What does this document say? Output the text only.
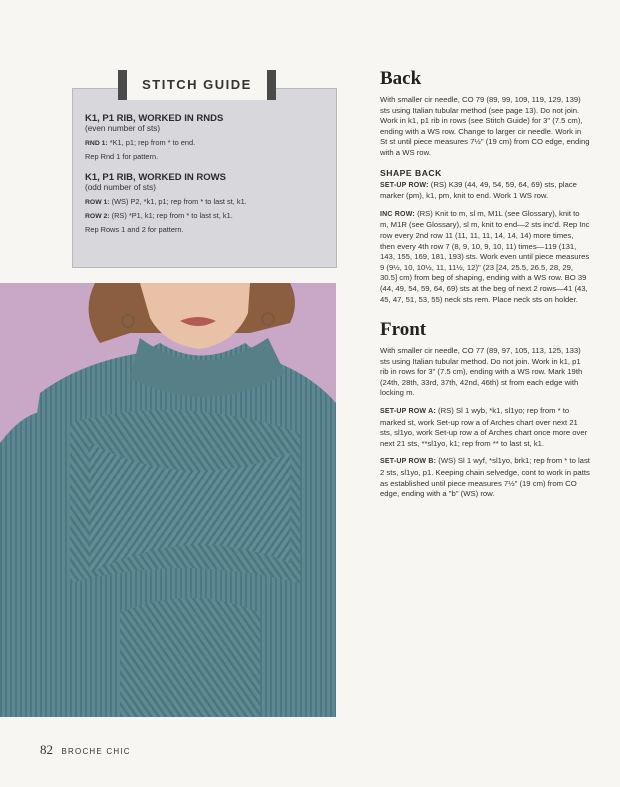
K1, P1 RIB, WORKED IN RNDS
(even number of sts)
RND 1: *K1, p1; rep from * to end.
Rep Rnd 1 for pattern.
K1, P1 RIB, WORKED IN ROWS
(odd number of sts)
ROW 1: (WS) P2, *k1, p1; rep from * to last st, k1.
ROW 2: (RS) *P1, k1; rep from * to last st, k1.
Rep Rows 1 and 2 for pattern.
STITCH GUIDE	Back

With smaller cir needle, CO 79 (89, 99, 109, 119, 129, 139) sts using Italian tubular method (see page 13). Do not join. Work in k1, p1 rib in rows (see Stitch Guide) for 3" (7.5 cm), ending with a WS row. Change to larger cir needle. Work in St st until piece measures 7½" (19 cm) from CO edge, ending with a WS row.

SHAPE BACK

SET-UP ROW: (RS) K39 (44, 49, 54, 59, 64, 69) sts, place marker (pm), k1, pm, knit to end. Work 1 WS row.

INC ROW: (RS) Knit to m, sl m, M1L (see Glossary), knit to m, M1R (see Glossary), sl m, knit to end—2 sts inc'd. Rep Inc row every 2nd row 11 (11, 11, 11, 14, 14, 14) more times, then every 4th row 7 (8, 9, 10, 9, 10, 11) times—119 (131, 143, 155, 169, 181, 193) sts. Work even until piece measures 9 (9½, 10, 10½, 11, 11½, 12)" (23 [24, 25.5, 26.5, 28, 29, 30.5] cm) from beg of shaping, ending with a WS row. BO 39 (44, 49, 54, 59, 64, 69) sts at the beg of next 2 rows—41 (43, 45, 47, 51, 53, 55) neck sts rem. Place neck sts on holder.

Front

With smaller cir needle, CO 77 (89, 97, 105, 113, 125, 133) sts using Italian tubular method. Do not join. Work in k1, p1 rib in rows for 3" (7.5 cm), ending with a WS row. Mark 19th (24th, 28th, 33rd, 37th, 42nd, 46th) st from each edge with locking m.

SET-UP ROW A: (RS) Sl 1 wyb, *k1, sl1yo; rep from * to marked st, work Set-up row a of Arches chart over next 21 sts, sl1yo, work Set-up row a of Arches chart once more over next 21 sts, **sl1yo, k1; rep from ** to last st, k1.

SET-UP ROW B: (WS) Sl 1 wyf, *sl1yo, brk1; rep from * to last 2 sts, sl1yo, p1. Keeping chain selvedge, cont to work in patts as established until piece measures 7½" (19 cm) from CO edge, ending with a "b" (WS) row.

82 BROCHE CHIC
